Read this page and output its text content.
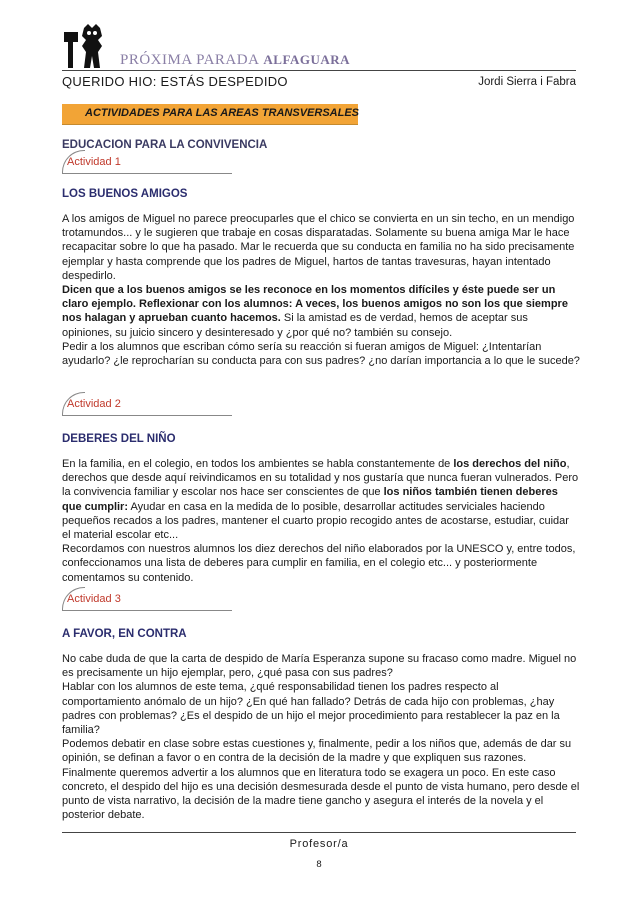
PRÓXIMA PARADA ALFAGUARA
QUERIDO HIO: ESTÁS DESPEDIDO	Jordi Sierra i Fabra
ACTIVIDADES PARA LAS AREAS TRANSVERSALES
EDUCACION PARA LA CONVIVENCIA
Actividad 1
LOS BUENOS AMIGOS

A los amigos de Miguel no parece preocuparles que el chico se convierta en un sin techo, en un mendigo trotamundos... y le sugieren que trabaje en cosas disparatadas. Solamente su buena amiga Mar le hace recapacitar sobre lo que ha pasado. Mar le recuerda que su conducta en familia no ha sido precisamente ejemplar y hasta comprende que los padres de Miguel, hartos de tantas travesuras, hayan intentado despedirlo.

Dicen que a los buenos amigos se les reconoce en los momentos difíciles y éste puede ser un claro ejemplo. Reflexionar con los alumnos: A veces, los buenos amigos no son los que siempre nos halagan y aprueban cuanto hacemos. Si la amistad es de verdad, hemos de aceptar sus opiniones, su juicio sincero y desinteresado y ¿por qué no? también su consejo.

Pedir a los alumnos que escriban cómo sería su reacción si fueran amigos de Miguel: ¿Intentarían ayudarlo? ¿le reprocharían su conducta para con sus padres? ¿no darían importancia a lo que le sucede?

Actividad 2
DEBERES DEL NIÑO

En la familia, en el colegio, en todos los ambientes se habla constantemente de los derechos del niño, derechos que desde aquí reivindicamos en su totalidad y nos gustaría que nunca fueran vulnerados. Pero la convivencia familiar y escolar nos hace ser conscientes de que los niños también tienen deberes que cumplir: Ayudar en casa en la medida de lo posible, desarrollar actitudes serviciales haciendo pequeños recados a los padres, mantener el cuarto propio recogido antes de acostarse, estudiar, cuidar el material escolar etc...

Recordamos con nuestros alumnos los diez derechos del niño elaborados por la UNESCO y, entre todos, confeccionamos una lista de deberes para cumplir en familia, en el colegio etc... y posteriormente comentamos su contenido.

Actividad 3
A FAVOR, EN CONTRA

No cabe duda de que la carta de despido de María Esperanza supone su fracaso como madre. Miguel no es precisamente un hijo ejemplar, pero, ¿qué pasa con sus padres?

Hablar con los alumnos de este tema, ¿qué responsabilidad tienen los padres respecto al comportamiento anómalo de un hijo? ¿En qué han fallado? Detrás de cada hijo con problemas, ¿hay padres con problemas? ¿Es el despido de un hijo el mejor procedimiento para restablecer la paz en la familia?

Podemos debatir en clase sobre estas cuestiones y, finalmente, pedir a los niños que, además de dar su opinión, se definan a favor o en contra de la decisión de la madre y que expliquen sus razones.

Finalmente queremos advertir a los alumnos que en literatura todo se exagera un poco. En este caso concreto, el despido del hijo es una decisión desmesurada desde el punto de vista humano, pero desde el punto de vista narrativo, la decisión de la madre tiene gancho y asegura el interés de la novela y el posterior debate.

Profesor/a
8
